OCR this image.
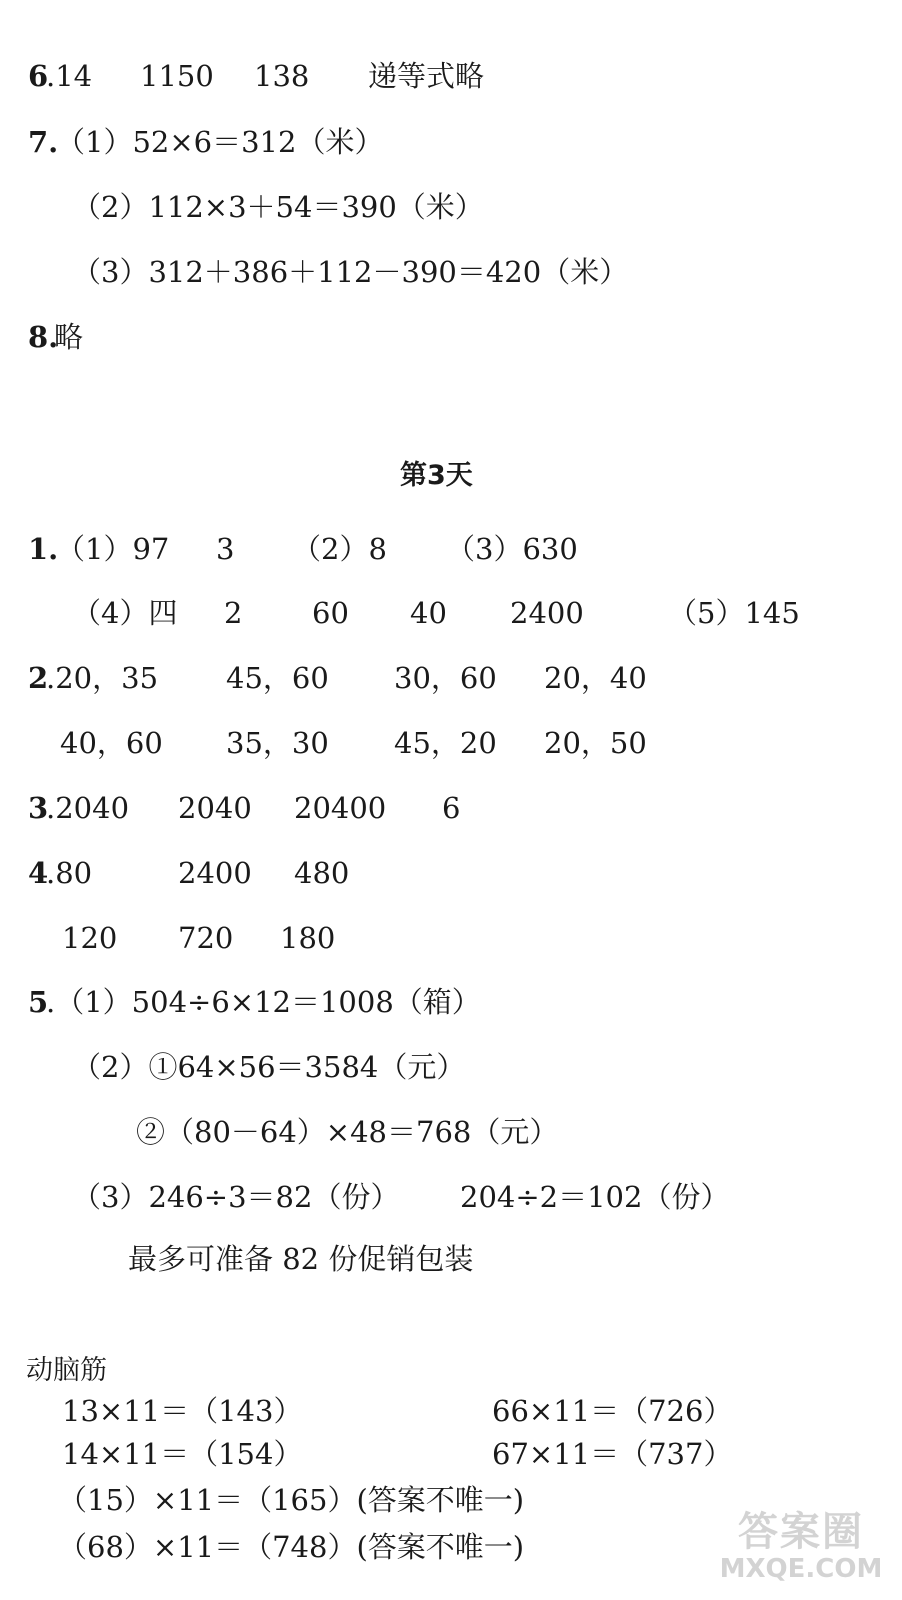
6
.14 1150 138 递等式略
7.
（1）52×6＝312（米）
（2）112×3＋54＝390（米）
（3）312＋386＋112－390＝420（米）
8.
略
第3天
1.
（1）97 3 （2）8 （3）630
（4）四 2 60 40 2400	（5）145
2
.20，35 45，60 30，60 20，40
40，60 35，30 45，20 20，50
3
.2040 2040 20400 6
4
.80	2400 480
120 720 180
5
.（1）504÷6×12＝1008（箱）
（2）①64×56＝3584（元）
②（80－64）×48＝768（元）
（3）246÷3＝82（份） 204÷2＝102（份）
最多可准备 82 份促销包装
动脑筋
13×11＝（143）	66×11＝（726）
14×11＝（154）	67×11＝（737）
（15）×11＝（165）(答案不唯一)
（68）×11＝（748）(答案不唯一)	答案圈
MXQE.COM
